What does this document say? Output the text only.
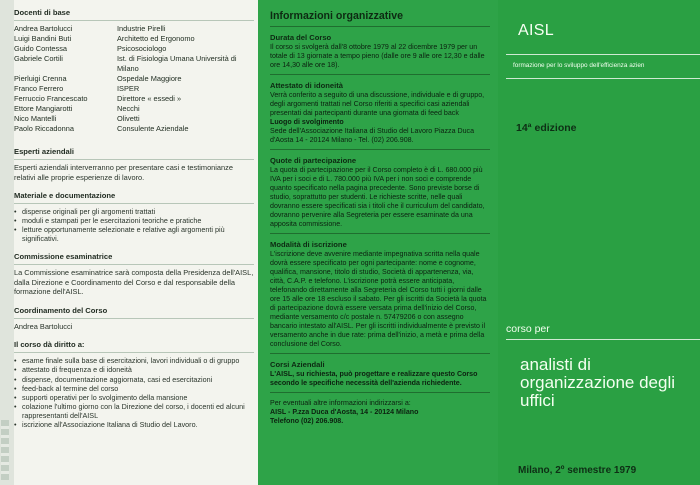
Docenti di base

Andrea Bartolucci	Industrie Pirelli
Luigi Bandini Buti	Architetto ed Ergonomo
Guido Contessa	Psicosociologo
Gabriele Cortili	Ist. di Fisiologia Umana Università di Milano
Pierluigi Crenna	Ospedale Maggiore
Franco Ferrero	ISPER
Ferruccio Francescato	Direttore « essedi »
Ettore Mangiarotti	Necchi
Nico Mantelli	Olivetti
Paolo Riccadonna	Consulente Aziendale

Esperti aziendali

Esperti aziendali interverranno per presentare casi e testimonianze relativi alle proprie esperienze di lavoro.

Materiale e documentazione

• dispense originali per gli argomenti trattati
• moduli e stampati per le esercitazioni teoriche e pratiche
• letture opportunamente selezionate e relative agli argomenti più significativi.

Commissione esaminatrice

La Commissione esaminatrice sarà composta della Presidenza dell'AISL, dalla Direzione e Coordinamento del Corso e dal responsabile della formazione dell'AISL.

Coordinamento del Corso

Andrea Bartolucci

Il corso dà diritto a:

• esame finale sulla base di esercitazioni, lavori individuali o di gruppo
• attestato di frequenza e di idoneità
• dispense, documentazione aggiornata, casi ed esercitazioni
• feed-back al termine del corso
• supporti operativi per lo svolgimento della mansione
• colazione l'ultimo giorno con la Direzione del corso, i docenti ed alcuni rappresentanti dell'AISL
• iscrizione all'Associazione Italiana di Studio del Lavoro.

Informazioni organizzative

Durata del Corso

Il corso si svolgerà dall'8 ottobre 1979 al 22 dicembre 1979 per un totale di 13 giornate a tempo pieno (dalle ore 9 alle ore 12,30 e dalle ore 14,30 alle ore 18).

Attestato di idoneità

Verrà conferito a seguito di una discussione, individuale e di gruppo, degli argomenti trattati nel Corso riferiti a specifici casi aziendali presentati dai partecipanti durante una giornata di feed back

Luogo di svolgimento

Sede dell'Associazione Italiana di Studio del Lavoro Piazza Duca d'Aosta 14 - 20124 Milano - Tel. (02) 206.908.

Quote di partecipazione

La quota di partecipazione per il Corso completo è di L. 680.000 più IVA per i soci e di L. 780.000 più IVA per i non soci e comprende quanto specificato nella pagina precedente. Sono previste borse di studio, soprattutto per studenti. Le richieste scritte, nelle quali dovranno essere specificati sia i titoli che il curriculum del candidato, dovranno pervenire alla Segreteria per essere esaminate da una apposita commissione.

Modalità di iscrizione

L'iscrizione deve avvenire mediante impegnativa scritta nella quale dovrà essere specificato per ogni partecipante: nome e cognome, qualifica, mansione, titolo di studio, Società di appartenenza, via, città, C.A.P. e telefono. L'iscrizione potrà essere anticipata, telefonando direttamente alla Segreteria del Corso tutti i giorni dalle ore 15 alle ore 18 escluso il sabato. Per gli iscritti da Società la quota di partecipazione dovrà essere versata prima dell'inizio del Corso, mediante versamento c/c postale n. 57479206 o con assegno bancario intestato all'AISL. Per gli iscritti individualmente è previsto il versamento anche in due rate: prima dell'inizio, a metà e prima della conclusione del Corso.

Corsi Aziendali

L'AISL, su richiesta, può progettare e realizzare questo Corso secondo le specifiche necessità dell'azienda richiedente.

Per eventuali altre informazioni indirizzarsi a:

AISL - P.zza Duca d'Aosta, 14 - 20124 Milano

Telefono (02) 206.908.

AISL
formazione per lo sviluppo dell'efficienza azien
14ª edizione
corso per
analisti di
organizzazione degli
uffici
Milano, 2º semestre 1979
